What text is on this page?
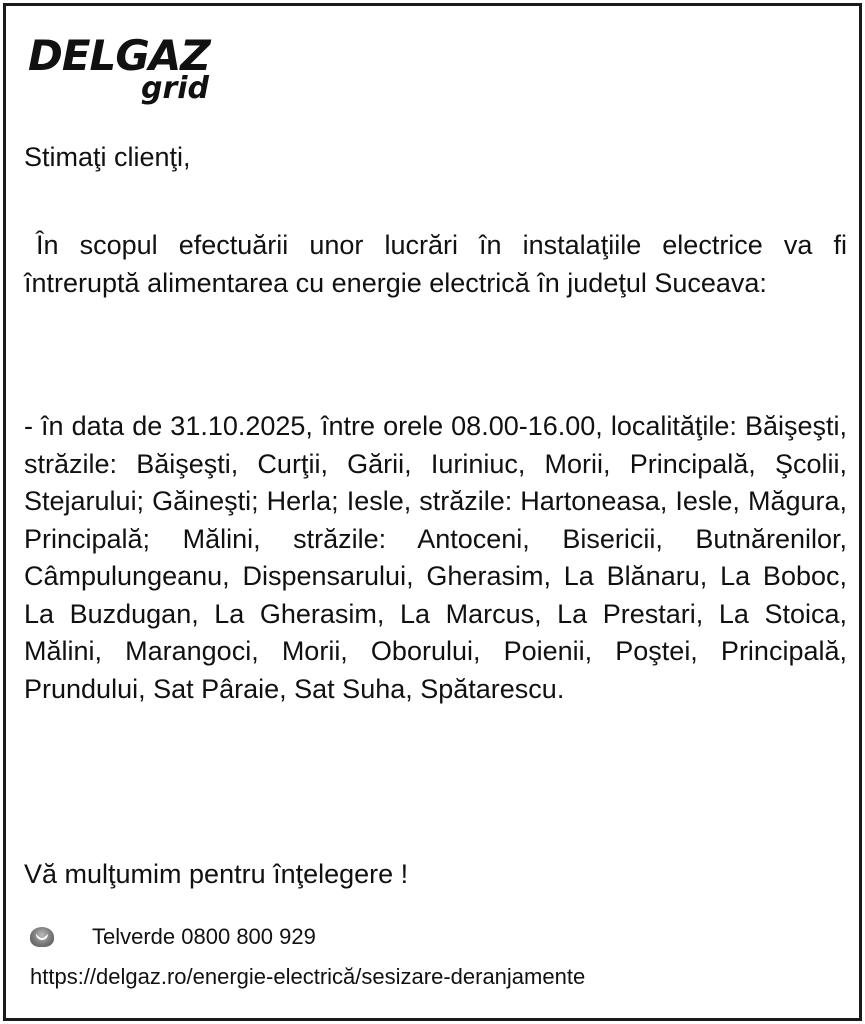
DELGAZ
grid

Stimaţi clienţi,

În scopul efectuării unor lucrări în instalaţiile electrice va fi întreruptă alimentarea cu energie electrică în judeţul Suceava:

- în data de 31.10.2025, între orele 08.00-16.00, localităţile: Băişeşti, străzile: Băişeşti, Curţii, Gării, Iuriniuc, Morii, Principală, Şcolii, Stejarului; Găineşti; Herla; Iesle, străzile: Hartoneasa, Iesle, Măgura, Principală; Mălini, străzile: Antoceni, Bisericii, Butnărenilor, Câmpulungeanu, Dispensarului, Gherasim, La Blănaru, La Boboc, La Buzdugan, La Gherasim, La Marcus, La Prestari, La Stoica, Mălini, Marangoci, Morii, Oborului, Poienii, Poştei, Principală, Prundului, Sat Pâraie, Sat Suha, Spătarescu.

Vă mulţumim pentru înţelegere !

Telverde 0800 800 929
https://delgaz.ro/energie-electrică/sesizare-deranjamente
